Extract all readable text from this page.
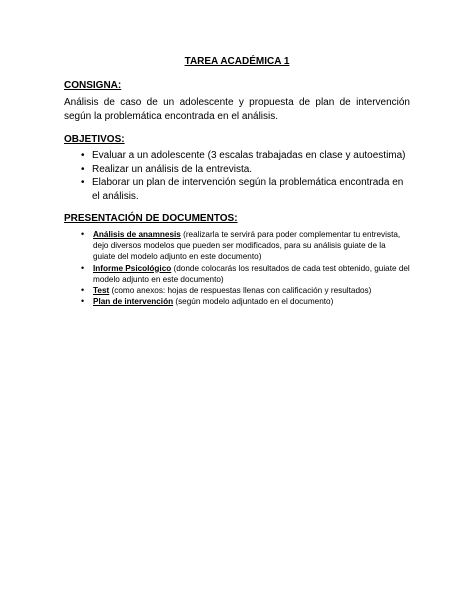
TAREA ACADÉMICA 1
CONSIGNA:

Análisis de caso de un adolescente y propuesta de plan de intervención según la problemática encontrada en el análisis.

OBJETIVOS:
• Evaluar a un adolescente (3 escalas trabajadas en clase y autoestima)
• Realizar un análisis de la entrevista.
• Elaborar un plan de intervención según la problemática encontrada en el análisis.
PRESENTACIÓN DE DOCUMENTOS:
• Análisis de anamnesis (realizarla te servirá para poder complementar tu entrevista, dejo diversos modelos que pueden ser modificados, para su análisis guiate de la guiate del modelo adjunto en este documento)
• Informe Psicológico (donde colocarás los resultados de cada test obtenido, guiate del modelo adjunto en este documento)
• Test (como anexos: hojas de respuestas llenas con calificación y resultados)
• Plan de intervención (según modelo adjuntado en el documento)
